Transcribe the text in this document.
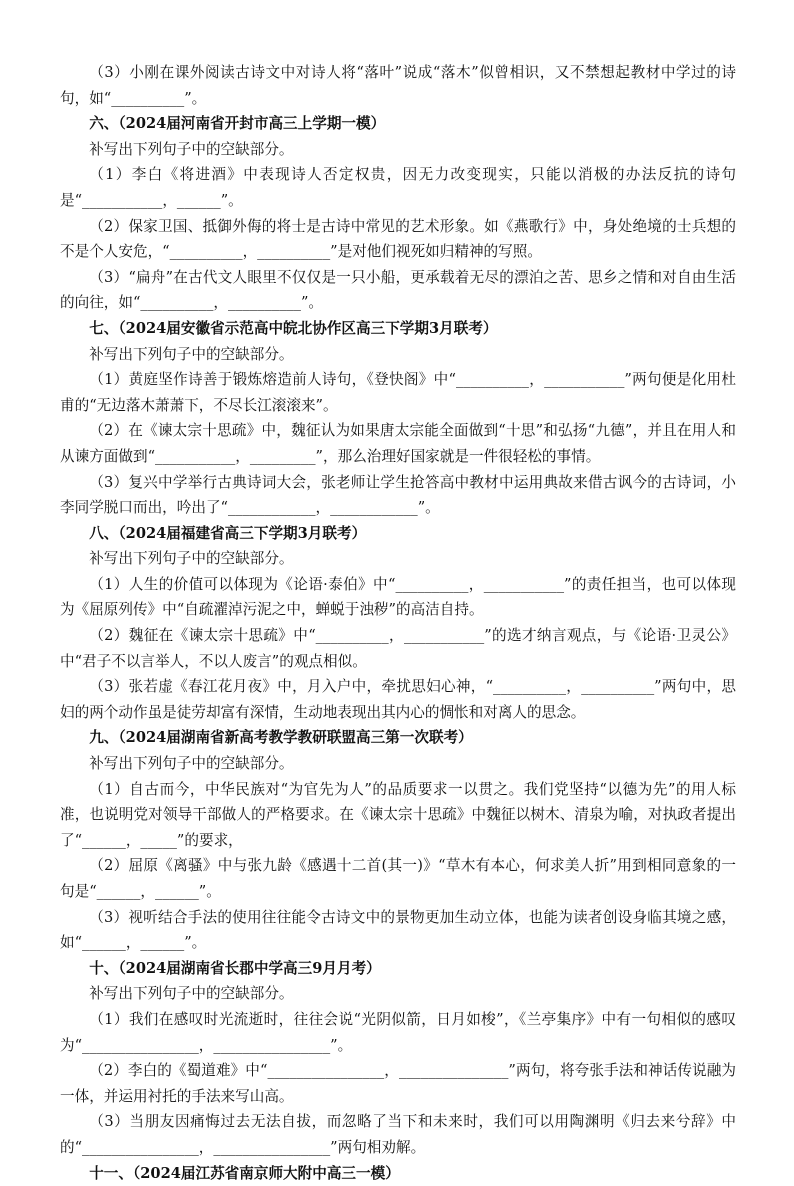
（3）小刚在课外阅读古诗文中对诗人将“落叶”说成“落木”似曾相识，又不禁想起教材中学过的诗句，如“__________”。

六、（2024届河南省开封市高三上学期一模）

补写出下列句子中的空缺部分。

（1）李白《将进酒》中表现诗人否定权贵，因无力改变现实，只能以消极的办法反抗的诗句是“___________，______”。

（2）保家卫国、抵御外侮的将士是古诗中常见的艺术形象。如《燕歌行》中，身处绝境的士兵想的不是个人安危，“__________，__________”是对他们视死如归精神的写照。

（3）“扁舟”在古代文人眼里不仅仅是一只小船，更承载着无尽的漂泊之苦、思乡之情和对自由生活的向往，如“__________，__________”。

七、（2024届安徽省示范高中皖北协作区高三下学期3月联考）

补写出下列句子中的空缺部分。

（1）黄庭坚作诗善于锻炼熔造前人诗句，《登快阁》中“__________，___________”两句便是化用杜甫的“无边落木萧萧下，不尽长江滚滚来”。

（2）在《谏太宗十思疏》中，魏征认为如果唐太宗能全面做到“十思”和弘扬“九德”，并且在用人和从谏方面做到“___________，_________”，那么治理好国家就是一件很轻松的事情。

（3）复兴中学举行古典诗词大会，张老师让学生抢答高中教材中运用典故来借古讽今的古诗词，小李同学脱口而出，吟出了“____________，____________”。

八、（2024届福建省高三下学期3月联考）

补写出下列句子中的空缺部分。

（1）人生的价值可以体现为《论语·泰伯》中“__________，___________”的责任担当，也可以体现为《屈原列传》中“自疏濯淖污泥之中，蝉蜕于浊秽”的高洁自持。

（2）魏征在《谏太宗十思疏》中“__________，___________”的选才纳言观点，与《论语·卫灵公》中“君子不以言举人，不以人废言”的观点相似。

（3）张若虚《春江花月夜》中，月入户中，牵扰思妇心神，“__________，__________”两句中，思妇的两个动作虽是徒劳却富有深情，生动地表现出其内心的惆怅和对离人的思念。

九、（2024届湖南省新高考教学教研联盟高三第一次联考）

补写出下列句子中的空缺部分。

（1）自古而今，中华民族对“为官先为人”的品质要求一以贯之。我们党坚持“以德为先”的用人标准，也说明党对领导干部做人的严格要求。在《谏太宗十思疏》中魏征以树木、清泉为喻，对执政者提出了“______，_____”的要求，

（2）屈原《离骚》中与张九龄《感遇十二首(其一)》“草木有本心，何求美人折”用到相同意象的一句是“______，______”。

（3）视听结合手法的使用往往能令古诗文中的景物更加生动立体，也能为读者创设身临其境之感，如“______，______”。

十、（2024届湖南省长郡中学高三9月月考）

补写出下列句子中的空缺部分。

（1）我们在感叹时光流逝时，往往会说“光阴似箭，日月如梭”，《兰亭集序》中有一句相似的感叹为“________________，________________”。

（2）李白的《蜀道难》中“________________，_______________”两句，将夸张手法和神话传说融为一体，并运用衬托的手法来写山高。

（3）当朋友因痛悔过去无法自拔，而忽略了当下和未来时，我们可以用陶渊明《归去来兮辞》中的“________________，________________”两句相劝解。

十一、（2024届江苏省南京师大附中高三一模）
